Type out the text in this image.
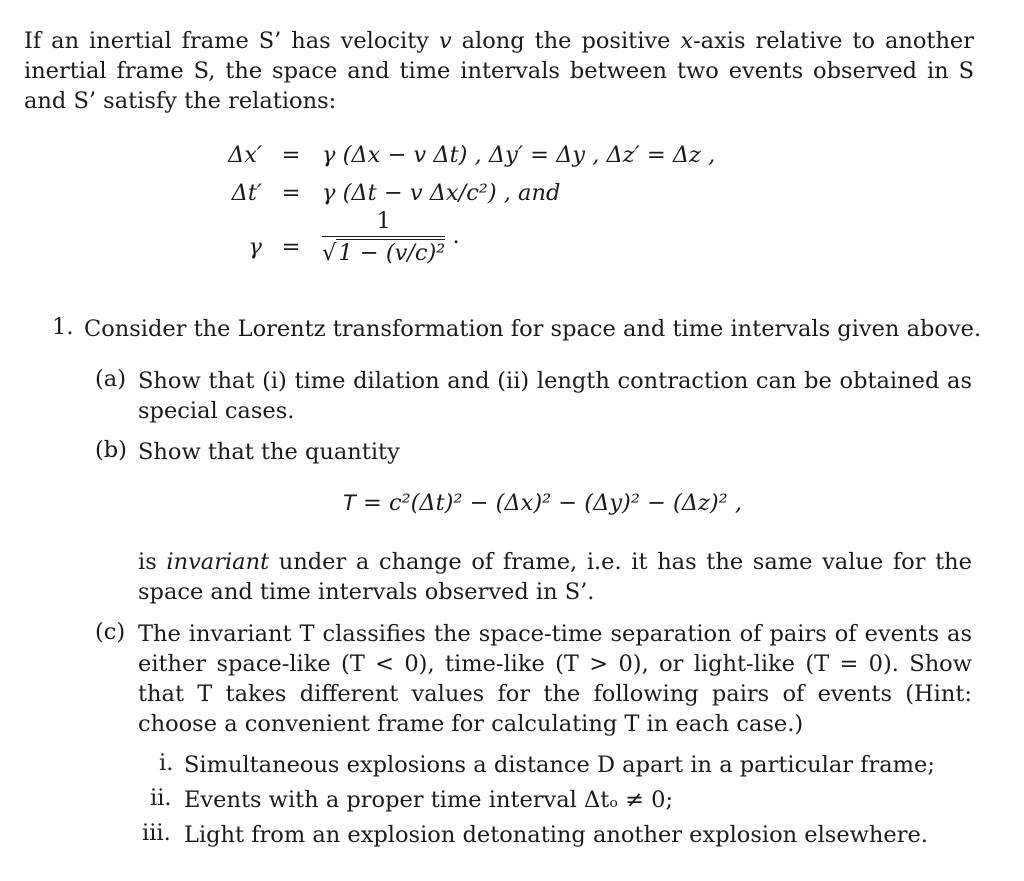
If an inertial frame S’ has velocity v along the positive x-axis relative to another inertial frame S, the space and time intervals between two events observed in S and S’ satisfy the relations:
Δx′ = γ (Δx − v Δt) , Δy′ = Δy , Δz′ = Δz ,
Δt′ = γ (Δt − v Δx/c²) , and
$\gamma = \frac{1}{\text{√1 − (v/c)²}}$ .
1. Consider the Lorentz transformation for space and time intervals given above.
(a) Show that (i) time dilation and (ii) length contraction can be obtained as special cases.
(b) Show that the quantity
T = c²(Δt)² − (Δx)² − (Δy)² − (Δz)² ,
is invariant under a change of frame, i.e. it has the same value for the space and time intervals observed in S’.
(c) The invariant T classifies the space-time separation of pairs of events as either space-like (T < 0), time-like (T > 0), or light-like (T = 0). Show that T takes different values for the following pairs of events (Hint: choose a convenient frame for calculating T in each case.)
i. Simultaneous explosions a distance D apart in a particular frame;
ii. Events with a proper time interval Δtₒ ≠ 0;
iii. Light from an explosion detonating another explosion elsewhere.
